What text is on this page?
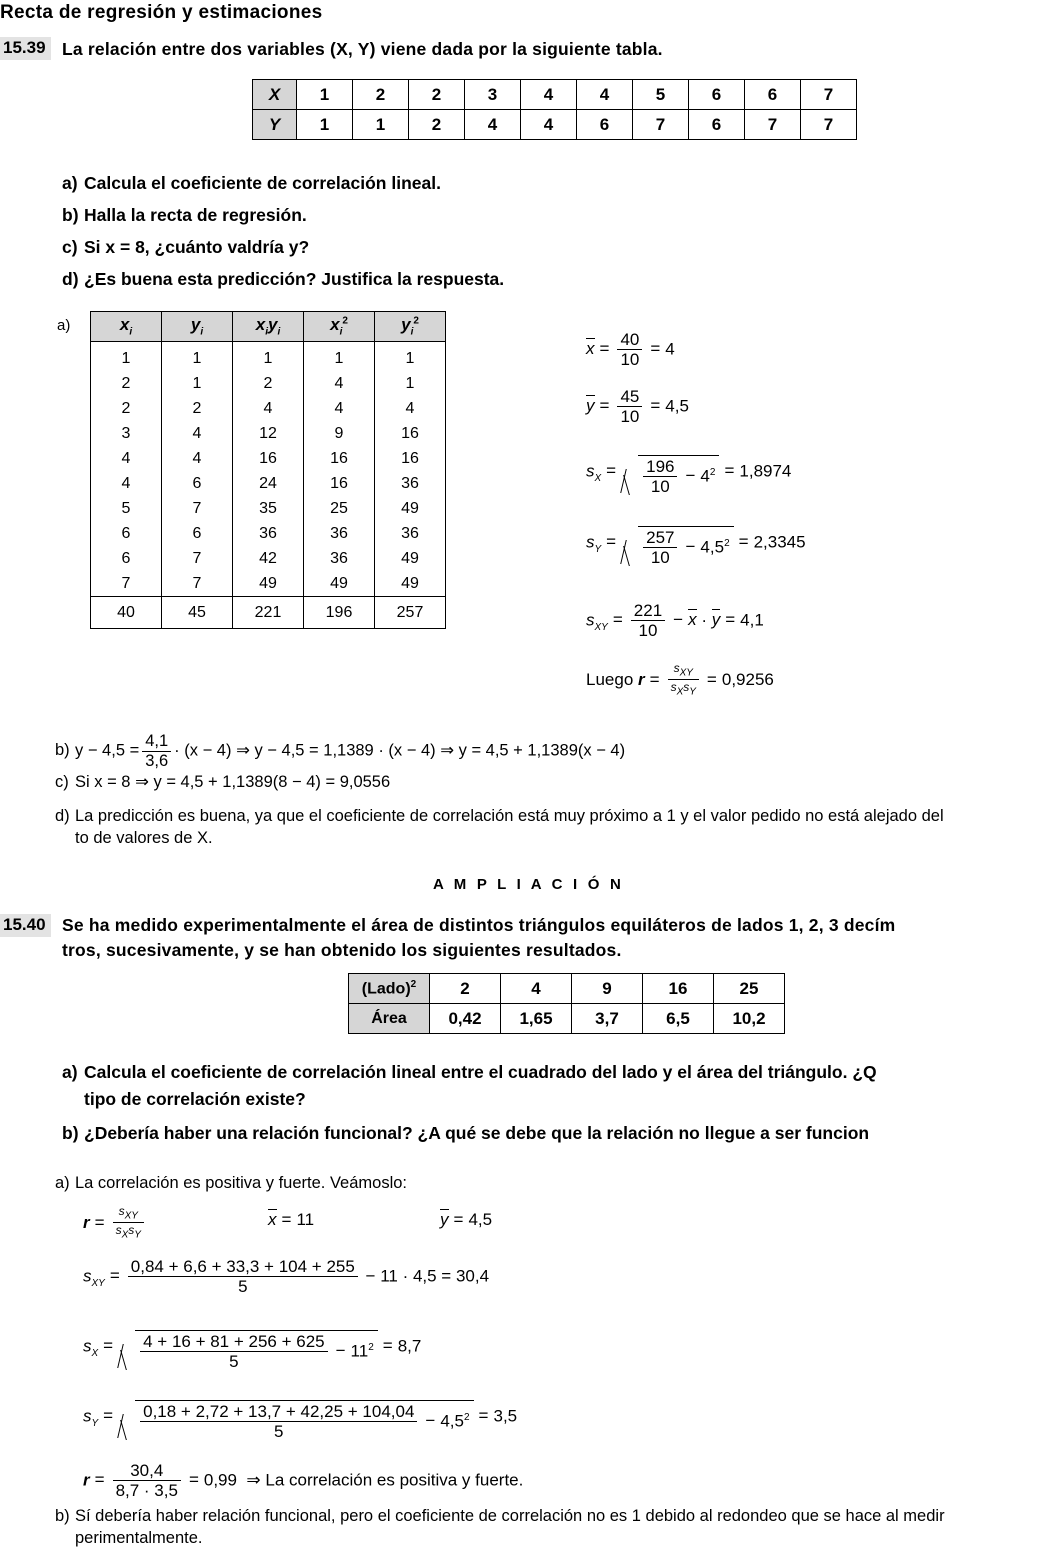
Recta de regresión y estimaciones
15.39 La relación entre dos variables (X, Y) viene dada por la siguiente tabla.
X	1	2	2	3	4	4	5	6	6	7
Y	1	1	2	4	4	6	7	6	7	7
a) Calcula el coeficiente de correlación lineal.
b) Halla la recta de regresión.
c) Si x = 8, ¿cuánto valdría y?
d) ¿Es buena esta predicción? Justifica la respuesta.
a)	$x_i$	$y_i$	$x_iy_i$	$x_i^2$	$y_i^2$
1	1	1	1	1
2	1	2	4	1
2	2	4	4	4
3	4	12	9	16
4	4	16	16	16
4	6	24	16	36
5	7	35	25	49
6	6	36	36	36
6	7	42	36	49
7	7	49	49	49
40	45	221	196	257
$x = \frac{40}{10} = 4$
$y = \frac{45}{10} = 4,5$
$s_X = \frac{196}{10} - 4^2 = 1,8974$
$s_Y = \frac{257}{10} - 4,5^2 = 2,3345$
$s_{XY} = \frac{221}{10} - x \cdot y = 4,1$
Luego $r = \frac{s_{XY}}{s_Xs_Y} = 0,9256$
b) $y - 4,5 = \frac{4,1}{3,6} \cdot (x - 4)$ ⇒ y − 4,5 = 1,1389 · (x − 4) ⇒ y = 4,5 + 1,1389(x − 4)
c) Si x = 8 ⇒ y = 4,5 + 1,1389(8 − 4) = 9,0556
d) La predicción es buena, ya que el coeficiente de correlación está muy próximo a 1 y el valor pedido no está alejado del
to de valores de X.
A M P L I A C I Ó N
15.40 Se ha medido experimentalmente el área de distintos triángulos equiláteros de lados 1, 2, 3 decím
tros, sucesivamente, y se han obtenido los siguientes resultados.
(Lado)$^2$	2	4	9	16	25
Área	0,42	1,65	3,7	6,5	10,2
a) Calcula el coeficiente de correlación lineal entre el cuadrado del lado y el área del triángulo. ¿Q
tipo de correlación existe?
b) ¿Debería haber una relación funcional? ¿A qué se debe que la relación no llegue a ser funcion
a) La correlación es positiva y fuerte. Veámoslo:
$r = \frac{s_{XY}}{s_Xs_Y}$	x = 11	y = 4,5
$s_{XY} = \frac{0,84 + 6,6 + 33,3 + 104 + 255}{5} - 11 \cdot 4,5 = 30,4$
$s_X = \frac{4 + 16 + 81 + 256 + 625}{5} - 11^2 = 8,7$
$s_Y = \frac{0,18 + 2,72 + 13,7 + 42,25 + 104,04}{5} - 4,5^2 = 3,5$
$r = \frac{30,4}{8,7 \cdot 3,5} = 0,99$ ⇒ La correlación es positiva y fuerte.
b) Sí debería haber relación funcional, pero el coeficiente de correlación no es 1 debido al redondeo que se hace al medir
perimentalmente.
